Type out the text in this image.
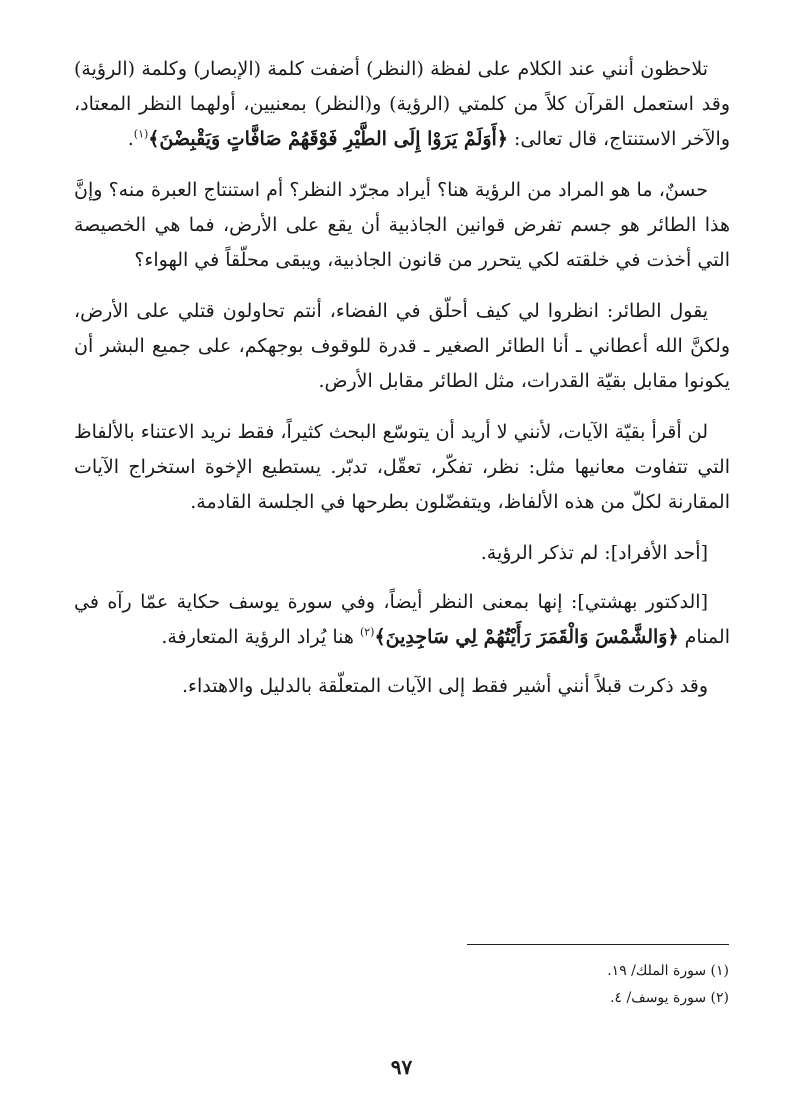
تلاحظون أنني عند الكلام على لفظة (النظر) أضفت كلمة (الإبصار) وكلمة (الرؤية) وقد استعمل القرآن كلاً من كلمتي (الرؤية) و(النظر) بمعنيين، أولهما النظر المعتاد، والآخر الاستنتاج، قال تعالى: ﴿أَوَلَمْ يَرَوْا إِلَى الطَّيْرِ فَوْقَهُمْ صَافَّاتٍ وَيَقْبِضْنَ﴾$^{(١)}$.

حسنٌ، ما هو المراد من الرؤية هنا؟ أيراد مجرّد النظر؟ أم استنتاج العبرة منه؟ وإنَّ هذا الطائر هو جسم تفرض قوانين الجاذبية أن يقع على الأرض، فما هي الخصيصة التي أخذت في خلقته لكي يتحرر من قانون الجاذبية، ويبقى محلّقاً في الهواء؟

يقول الطائر: انظروا لي كيف أحلّق في الفضاء، أنتم تحاولون قتلي على الأرض، ولكنَّ الله أعطاني ـ أنا الطائر الصغير ـ قدرة للوقوف بوجهكم، على جميع البشر أن يكونوا مقابل بقيّة القدرات، مثل الطائر مقابل الأرض.

لن أقرأ بقيّة الآيات، لأنني لا أريد أن يتوسّع البحث كثيراً، فقط نريد الاعتناء بالألفاظ التي تتفاوت معانيها مثل: نظر، تفكّر، تعقّل، تدبّر. يستطيع الإخوة استخراج الآيات المقارنة لكلّ من هذه الألفاظ، ويتفضّلون بطرحها في الجلسة القادمة.

[أحد الأفراد]: لم تذكر الرؤية.

[الدكتور بهشتي]: إنها بمعنى النظر أيضاً، وفي سورة يوسف حكاية عمّا رآه في المنام ﴿وَالشَّمْسَ وَالْقَمَرَ رَأَيْتُهُمْ لِي سَاجِدِينَ﴾$^{(٢)}$ هنا يُراد الرؤية المتعارفة.

وقد ذكرت قبلاً أنني أشير فقط إلى الآيات المتعلّقة بالدليل والاهتداء.

(١) سورة الملك/ ١٩.
(٢) سورة يوسف/ ٤.
٩٧
